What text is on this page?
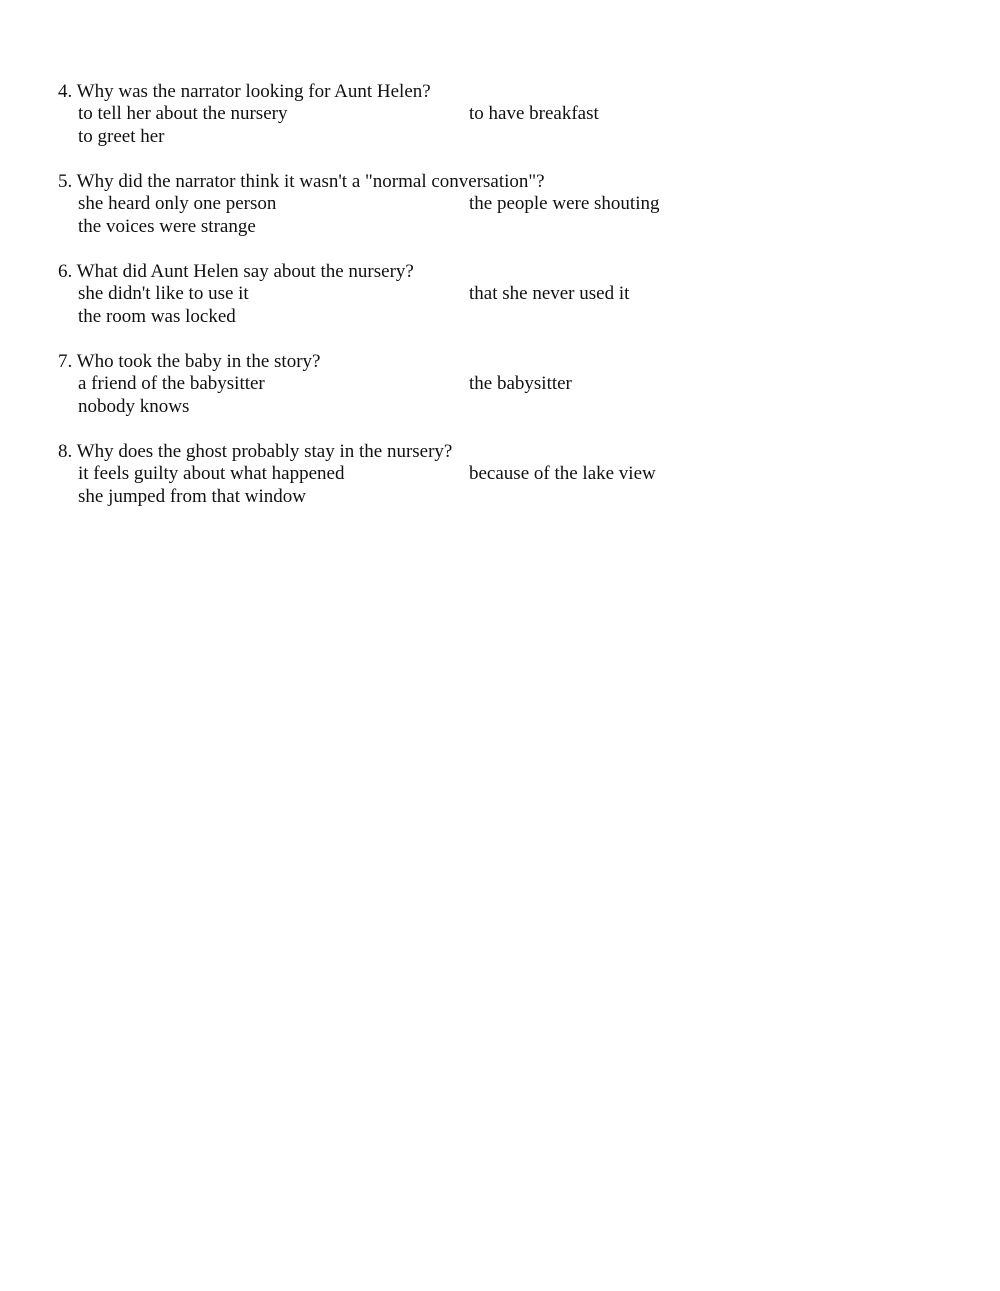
4. Why was the narrator looking for Aunt Helen?
to tell her about the nursery	to have breakfast
to greet her
5. Why did the narrator think it wasn't a "normal conversation"?
she heard only one person	the people were shouting
the voices were strange
6. What did Aunt Helen say about the nursery?
she didn't like to use it	that she never used it
the room was locked
7. Who took the baby in the story?
a friend of the babysitter	the babysitter
nobody knows
8. Why does the ghost probably stay in the nursery?
it feels guilty about what happened	because of the lake view
she jumped from that window
